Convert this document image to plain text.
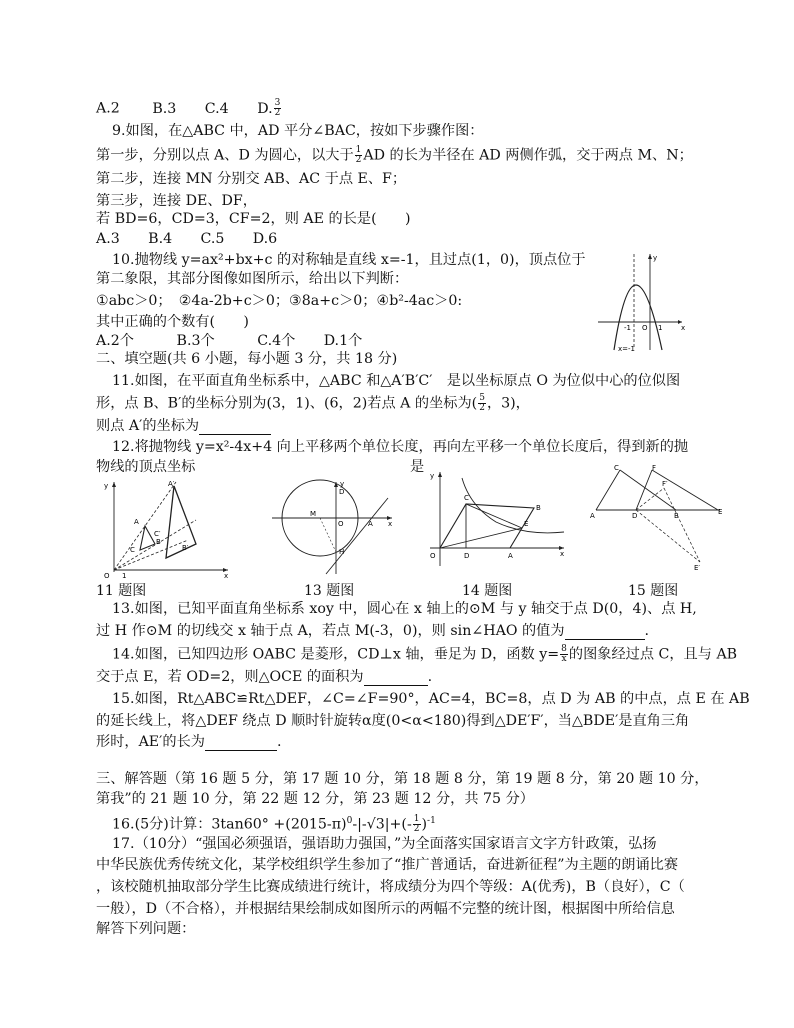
A.2 B.3 C.4 D. $\frac{3}{2}$
9.如图，在△ABC 中，AD 平分∠BAC，按如下步骤作图：
第一步，分别以点 A、D 为圆心，以大于 $\frac{1}{2}$ AD 的长为半径在 AD 两侧作弧，交于两点 M、N；
第二步，连接 MN 分别交 AB、AC 于点 E、F；
第三步，连接 DE、DF，
若 BD=6，CD=3，CF=2，则 AE 的长是(　　)
A.3　　B.4　　C.5　　D.6
10.抛物线 y=ax²+bx+c 的对称轴是直线 x=-1，且过点(1，0)，顶点位于
第二象限，其部分图像如图所示，给出以下判断：
①abc＞0；　②4a-2b+c＞0；③8a+c＞0；④b²-4ac＞0:
其中正确的个数有(　　)
A.2个　　　B.3个　　　C.4个　　D.1个
y
x
O 1
-1
x=-1
二、填空题(共 6 小题，每小题 3 分，共 18 分)
11.如图，在平面直角坐标系中，△ABC 和△A′B′C′　是以坐标原点 O 为位似中心的位似图
形，点 B、B′的坐标分别为(3，1)、(6，2)若点 A 的坐标为( $\frac{5}{2}$ ，3)，
则点 A′的坐标为
12.将抛物线 y=x²-4x+4 向上平移两个单位长度，再向左平移一个单位长度后，得到新的抛
物线的顶点坐标	是
y
x
O 1
A′
A
C′
C
B
B′
11 题图
y
x
D
M
O	A
H
13 题图
y
x
C
B
O	D	A
E
14 题图
C	F
A	D	B	E
F′
E′
15 题图
13.如图，已知平面直角坐标系 xoy 中，圆心在 x 轴上的⊙M 与 y 轴交于点 D(0，4)、点 H,
过 H 作⊙M 的切线交 x 轴于点 A，若点 M(-3，0)，则 sin∠HAO 的值为	.
14.如图，已知四边形 OABC 是菱形，CD⊥x 轴，垂足为 D，函数 $y= \frac{8}{x}$ 的图象经过点 C，且与 AB
交于点 E，若 OD=2，则△OCE 的面积为	.
15.如图，Rt△ABC≌Rt△DEF，∠C=∠F=90°，AC=4，BC=8，点 D 为 AB 的中点，点 E 在 AB
的延长线上，将△DEF 绕点 D 顺时针旋转α度(0<α<180)得到△DE′F′，当△BDE′是直角三角
形时，AE′的长为	.
三、解答题（第 16 题 5 分，第 17 题 10 分，第 18 题 8 分，第 19 题 8 分，第 20 题 10 分，
第我”的 21 题 10 分，第 22 题 12 分，第 23 题 12 分，共 75 分）
16.(5分)计算：$3\tan 60^\circ +(2015-\pi)^0-|-√3|+(- \frac{1}{2} )^{-1}$
17.（10分）“强国必须强语，强语助力强国，”为全面落实国家语言文字方针政策，弘扬
中华民族优秀传统文化，某学校组织学生参加了“推广普通话，奋进新征程”为主题的朗诵比赛
，该校随机抽取部分学生比赛成绩进行统计，将成绩分为四个等级：A(优秀)，B（良好），C（
一般），D（不合格），并根据结果绘制成如图所示的两幅不完整的统计图，根据图中所给信息
解答下列问题：
